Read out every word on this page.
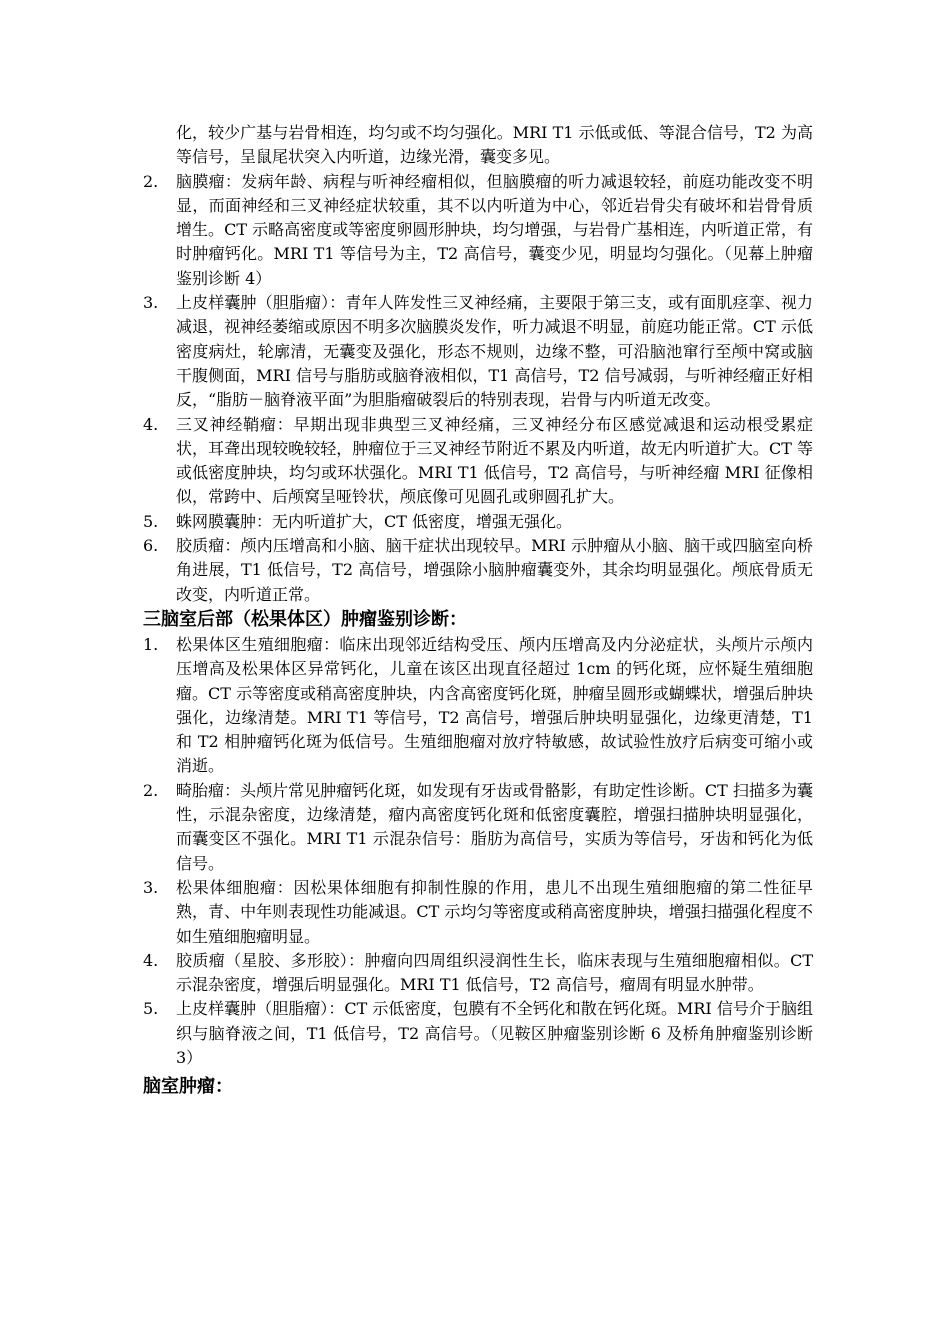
化，较少广基与岩骨相连，均匀或不均匀强化。MRI T1 示低或低、等混合信号，T2 为高等信号，呈鼠尾状突入内听道，边缘光滑，囊变多见。

2.	脑膜瘤：发病年龄、病程与听神经瘤相似，但脑膜瘤的听力减退较轻，前庭功能改变不明显，而面神经和三叉神经症状较重，其不以内听道为中心，邻近岩骨尖有破坏和岩骨骨质增生。CT 示略高密度或等密度卵圆形肿块，均匀增强，与岩骨广基相连，内听道正常，有时肿瘤钙化。MRI T1 等信号为主，T2 高信号，囊变少见，明显均匀强化。（见幕上肿瘤鉴别诊断 4）
3.	上皮样囊肿（胆脂瘤）：青年人阵发性三叉神经痛，主要限于第三支，或有面肌痉挛、视力减退，视神经萎缩或原因不明多次脑膜炎发作，听力减退不明显，前庭功能正常。CT 示低密度病灶，轮廓清，无囊变及强化，形态不规则，边缘不整，可沿脑池窜行至颅中窝或脑干腹侧面，MRI 信号与脂肪或脑脊液相似，T1 高信号，T2 信号减弱，与听神经瘤正好相反，“脂肪－脑脊液平面”为胆脂瘤破裂后的特别表现，岩骨与内听道无改变。
4.	三叉神经鞘瘤：早期出现非典型三叉神经痛，三叉神经分布区感觉减退和运动根受累症状，耳聋出现较晚较轻，肿瘤位于三叉神经节附近不累及内听道，故无内听道扩大。CT 等或低密度肿块，均匀或环状强化。MRI T1 低信号，T2 高信号，与听神经瘤 MRI 征像相似，常跨中、后颅窝呈哑铃状，颅底像可见圆孔或卵圆孔扩大。
5.	蛛网膜囊肿：无内听道扩大，CT 低密度，增强无强化。
6.	胶质瘤：颅内压增高和小脑、脑干症状出现较早。MRI 示肿瘤从小脑、脑干或四脑室向桥角进展，T1 低信号，T2 高信号，增强除小脑肿瘤囊变外，其余均明显强化。颅底骨质无改变，内听道正常。
三脑室后部（松果体区）肿瘤鉴别诊断：
1.	松果体区生殖细胞瘤：临床出现邻近结构受压、颅内压增高及内分泌症状，头颅片示颅内压增高及松果体区异常钙化，儿童在该区出现直径超过 1cm 的钙化斑，应怀疑生殖细胞瘤。CT 示等密度或稍高密度肿块，内含高密度钙化斑，肿瘤呈圆形或蝴蝶状，增强后肿块强化，边缘清楚。MRI T1 等信号，T2 高信号，增强后肿块明显强化，边缘更清楚，T1 和 T2 相肿瘤钙化斑为低信号。生殖细胞瘤对放疗特敏感，故试验性放疗后病变可缩小或消逝。
2.	畸胎瘤：头颅片常见肿瘤钙化斑，如发现有牙齿或骨骼影，有助定性诊断。CT 扫描多为囊性，示混杂密度，边缘清楚，瘤内高密度钙化斑和低密度囊腔，增强扫描肿块明显强化，而囊变区不强化。MRI T1 示混杂信号：脂肪为高信号，实质为等信号，牙齿和钙化为低信号。
3.	松果体细胞瘤：因松果体细胞有抑制性腺的作用，患儿不出现生殖细胞瘤的第二性征早熟，青、中年则表现性功能减退。CT 示均匀等密度或稍高密度肿块，增强扫描强化程度不如生殖细胞瘤明显。
4.	胶质瘤（星胶、多形胶）：肿瘤向四周组织浸润性生长，临床表现与生殖细胞瘤相似。CT 示混杂密度，增强后明显强化。MRI T1 低信号，T2 高信号，瘤周有明显水肿带。
5.	上皮样囊肿（胆脂瘤）：CT 示低密度，包膜有不全钙化和散在钙化斑。MRI 信号介于脑组织与脑脊液之间，T1 低信号，T2 高信号。（见鞍区肿瘤鉴别诊断 6 及桥角肿瘤鉴别诊断 3）
脑室肿瘤：
